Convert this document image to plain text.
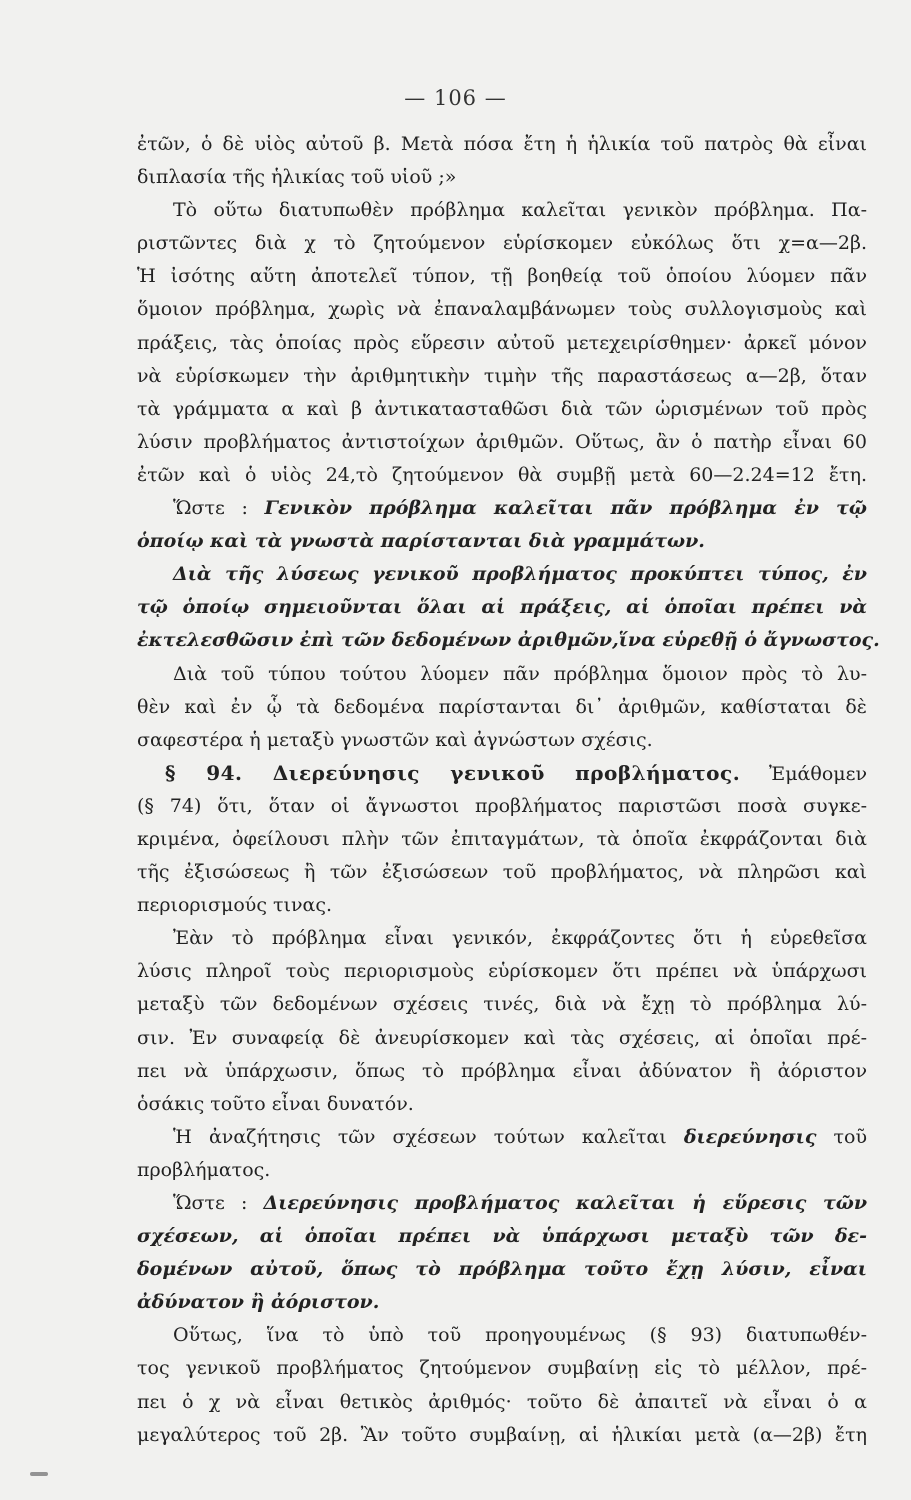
— 106 —
ἐτῶν, ὁ δὲ υἱὸς αὐτοῦ β. Μετὰ πόσα ἔτη ἡ ἡλικία τοῦ πατρὸς θὰ εἶναι
διπλασία τῆς ἡλικίας τοῦ υἱοῦ ;»
Τὸ οὕτω διατυπωθὲν πρόβλημα καλεῖται γενικὸν πρόβλημα. Πα-
ριστῶντες διὰ χ τὸ ζητούμενον εὑρίσκομεν εὐκόλως ὅτι χ=α—2β.
Ἡ ἰσότης αὕτη ἀποτελεῖ τύπον, τῇ βοηθείᾳ τοῦ ὁποίου λύομεν πᾶν
ὅμοιον πρόβλημα, χωρὶς νὰ ἐπαναλαμβάνωμεν τοὺς συλλογισμοὺς καὶ
πράξεις, τὰς ὁποίας πρὸς εὕρεσιν αὐτοῦ μετεχειρίσθημεν· ἀρκεῖ μόνον
νὰ εὑρίσκωμεν τὴν ἀριθμητικὴν τιμὴν τῆς παραστάσεως α—2β, ὅταν
τὰ γράμματα α καὶ β ἀντικατασταθῶσι διὰ τῶν ὡρισμένων τοῦ πρὸς
λύσιν προβλήματος ἀντιστοίχων ἀριθμῶν. Οὕτως, ἂν ὁ πατὴρ εἶναι 60
ἐτῶν καὶ ὁ υἱὸς 24,τὸ ζητούμενον θὰ συμβῇ μετὰ 60—2.24=12 ἔτη.
Ὥστε : Γενικὸν πρόβλημα καλεῖται πᾶν πρόβλημα ἐν τῷ
ὁποίῳ καὶ τὰ γνωστὰ παρίστανται διὰ γραμμάτων.
Διὰ τῆς λύσεως γενικοῦ προβλήματος προκύπτει τύπος, ἐν
τῷ ὁποίῳ σημειοῦνται ὅλαι αἱ πράξεις, αἱ ὁποῖαι πρέπει νὰ
ἐκτελεσθῶσιν ἐπὶ τῶν δεδομένων ἀριθμῶν,ἵνα εὑρεθῇ ὁ ἄγνωστος.
Διὰ τοῦ τύπου τούτου λύομεν πᾶν πρόβλημα ὅμοιον πρὸς τὸ λυ-
θὲν καὶ ἐν ᾧ τὰ δεδομένα παρίστανται δι᾽ ἀριθμῶν, καθίσταται δὲ
σαφεστέρα ἡ μεταξὺ γνωστῶν καὶ ἀγνώστων σχέσις.
§ 94. Διερεύνησις γενικοῦ προβλήματος. Ἐμάθομεν
(§ 74) ὅτι, ὅταν οἱ ἄγνωστοι προβλήματος παριστῶσι ποσὰ συγκε-
κριμένα, ὀφείλουσι πλὴν τῶν ἐπιταγμάτων, τὰ ὁποῖα ἐκφράζονται διὰ
τῆς ἐξισώσεως ἢ τῶν ἐξισώσεων τοῦ προβλήματος, νὰ πληρῶσι καὶ
περιορισμούς τινας.
Ἐὰν τὸ πρόβλημα εἶναι γενικόν, ἐκφράζοντες ὅτι ἡ εὑρεθεῖσα
λύσις πληροῖ τοὺς περιορισμοὺς εὑρίσκομεν ὅτι πρέπει νὰ ὑπάρχωσι
μεταξὺ τῶν δεδομένων σχέσεις τινές, διὰ νὰ ἔχῃ τὸ πρόβλημα λύ-
σιν. Ἐν συναφείᾳ δὲ ἀνευρίσκομεν καὶ τὰς σχέσεις, αἱ ὁποῖαι πρέ-
πει νὰ ὑπάρχωσιν, ὅπως τὸ πρόβλημα εἶναι ἀδύνατον ἢ ἀόριστον
ὁσάκις τοῦτο εἶναι δυνατόν.
Ἡ ἀναζήτησις τῶν σχέσεων τούτων καλεῖται διερεύνησις τοῦ
προβλήματος.
Ὥστε : Διερεύνησις προβλήματος καλεῖται ἡ εὕρεσις τῶν
σχέσεων, αἱ ὁποῖαι πρέπει νὰ ὑπάρχωσι μεταξὺ τῶν δε-
δομένων αὐτοῦ, ὅπως τὸ πρόβλημα τοῦτο ἔχῃ λύσιν, εἶναι
ἀδύνατον ἢ ἀόριστον.
Οὕτως, ἵνα τὸ ὑπὸ τοῦ προηγουμένως (§ 93) διατυπωθέν-
τος γενικοῦ προβλήματος ζητούμενον συμβαίνῃ εἰς τὸ μέλλον, πρέ-
πει ὁ χ νὰ εἶναι θετικὸς ἀριθμός· τοῦτο δὲ ἀπαιτεῖ νὰ εἶναι ὁ α
μεγαλύτερος τοῦ 2β. Ἂν τοῦτο συμβαίνῃ, αἱ ἡλικίαι μετὰ (α—2β) ἔτη
